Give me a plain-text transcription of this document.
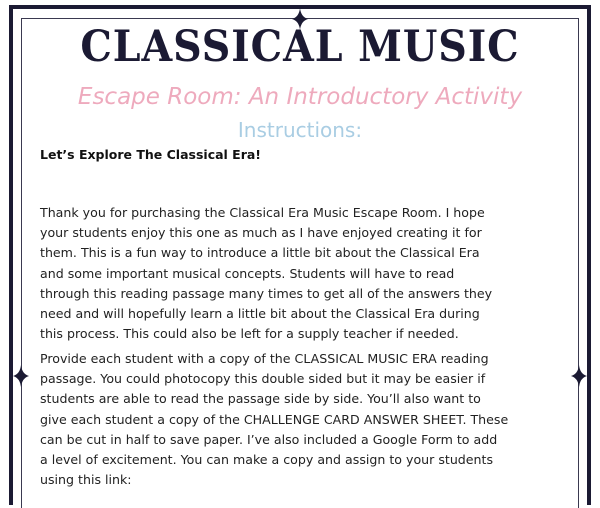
CLASSICAL MUSIC
Escape Room: An Introductory Activity
Instructions:
Let’s Explore The Classical Era!
Thank you for purchasing the Classical Era Music Escape Room. I hope
your students enjoy this one as much as I have enjoyed creating it for
them. This is a fun way to introduce a little bit about the Classical Era
and some important musical concepts. Students will have to read
through this reading passage many times to get all of the answers they
need and will hopefully learn a little bit about the Classical Era during
this process. This could also be left for a supply teacher if needed.
Provide each student with a copy of the CLASSICAL MUSIC ERA reading
passage. You could photocopy this double sided but it may be easier if
students are able to read the passage side by side. You’ll also want to
give each student a copy of the CHALLENGE CARD ANSWER SHEET. These
can be cut in half to save paper. I’ve also included a Google Form to add
a level of excitement. You can make a copy and assign to your students
using this link:
